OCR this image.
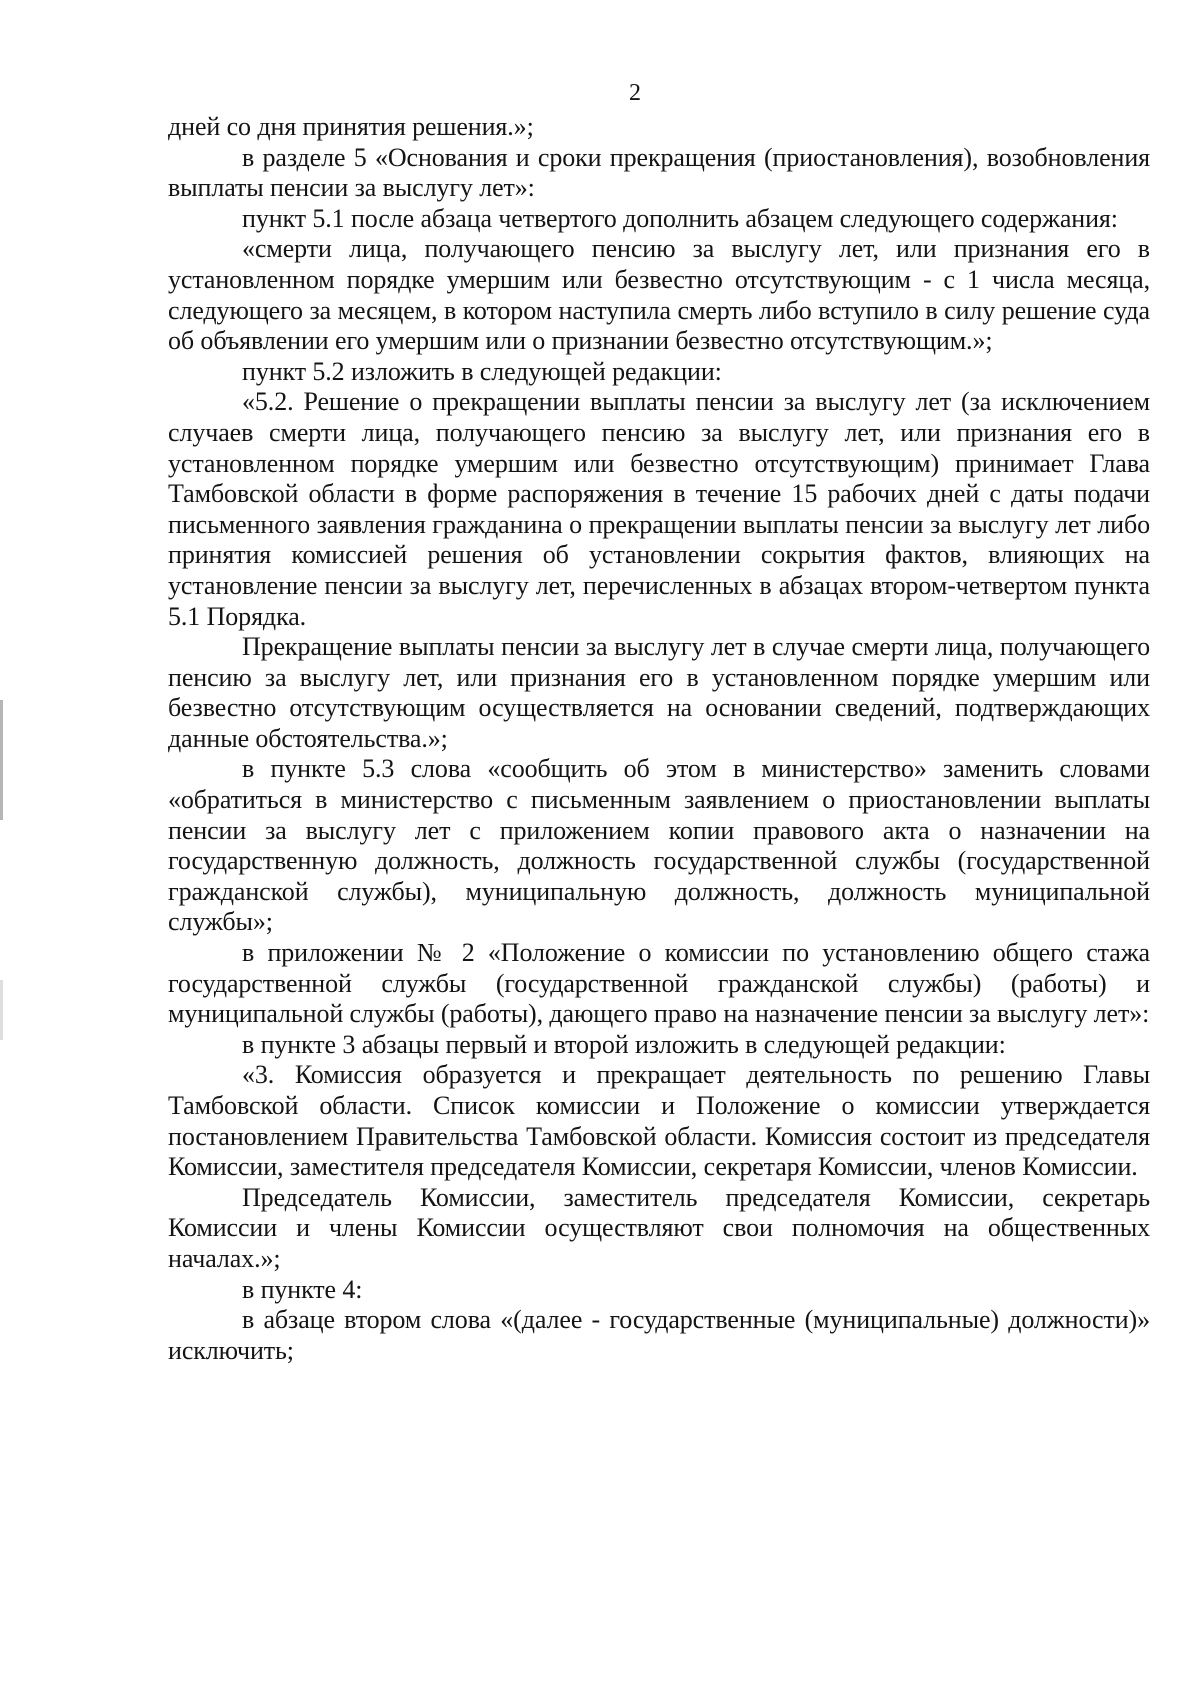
2

дней со дня принятия решения.»;

в разделе 5 «Основания и сроки прекращения (приостановления), возобновления выплаты пенсии за выслугу лет»:

пункт 5.1 после абзаца четвертого дополнить абзацем следующего содержания:

«смерти лица, получающего пенсию за выслугу лет, или признания его в установленном порядке умершим или безвестно отсутствующим - с 1 числа месяца, следующего за месяцем, в котором наступила смерть либо вступило в силу решение суда об объявлении его умершим или о признании безвестно отсутствующим.»;

пункт 5.2 изложить в следующей редакции:

«5.2. Решение о прекращении выплаты пенсии за выслугу лет (за исключением случаев смерти лица, получающего пенсию за выслугу лет, или признания его в установленном порядке умершим или безвестно отсутствующим) принимает Глава Тамбовской области в форме распоряжения в течение 15 рабочих дней с даты подачи письменного заявления гражданина о прекращении выплаты пенсии за выслугу лет либо принятия комиссией решения об установлении сокрытия фактов, влияющих на установление пенсии за выслугу лет, перечисленных в абзацах втором-четвертом пункта 5.1 Порядка.

Прекращение выплаты пенсии за выслугу лет в случае смерти лица, получающего пенсию за выслугу лет, или признания его в установленном порядке умершим или безвестно отсутствующим осуществляется на основании сведений, подтверждающих данные обстоятельства.»;

в пункте 5.3 слова «сообщить об этом в министерство» заменить словами «обратиться в министерство с письменным заявлением о приостановлении выплаты пенсии за выслугу лет с приложением копии правового акта о назначении на государственную должность, должность государственной службы (государственной гражданской службы), муниципальную должность, должность муниципальной службы»;

в приложении № 2 «Положение о комиссии по установлению общего стажа государственной службы (государственной гражданской службы) (работы) и муниципальной службы (работы), дающего право на назначение пенсии за выслугу лет»:

в пункте 3 абзацы первый и второй изложить в следующей редакции:

«3. Комиссия образуется и прекращает деятельность по решению Главы Тамбовской области. Список комиссии и Положение о комиссии утверждается постановлением Правительства Тамбовской области. Комиссия состоит из председателя Комиссии, заместителя председателя Комиссии, секретаря Комиссии, членов Комиссии.

Председатель Комиссии, заместитель председателя Комиссии, секретарь Комиссии и члены Комиссии осуществляют свои полномочия на общественных началах.»;

в пункте 4:

в абзаце втором слова «(далее - государственные (муниципальные) должности)» исключить;
